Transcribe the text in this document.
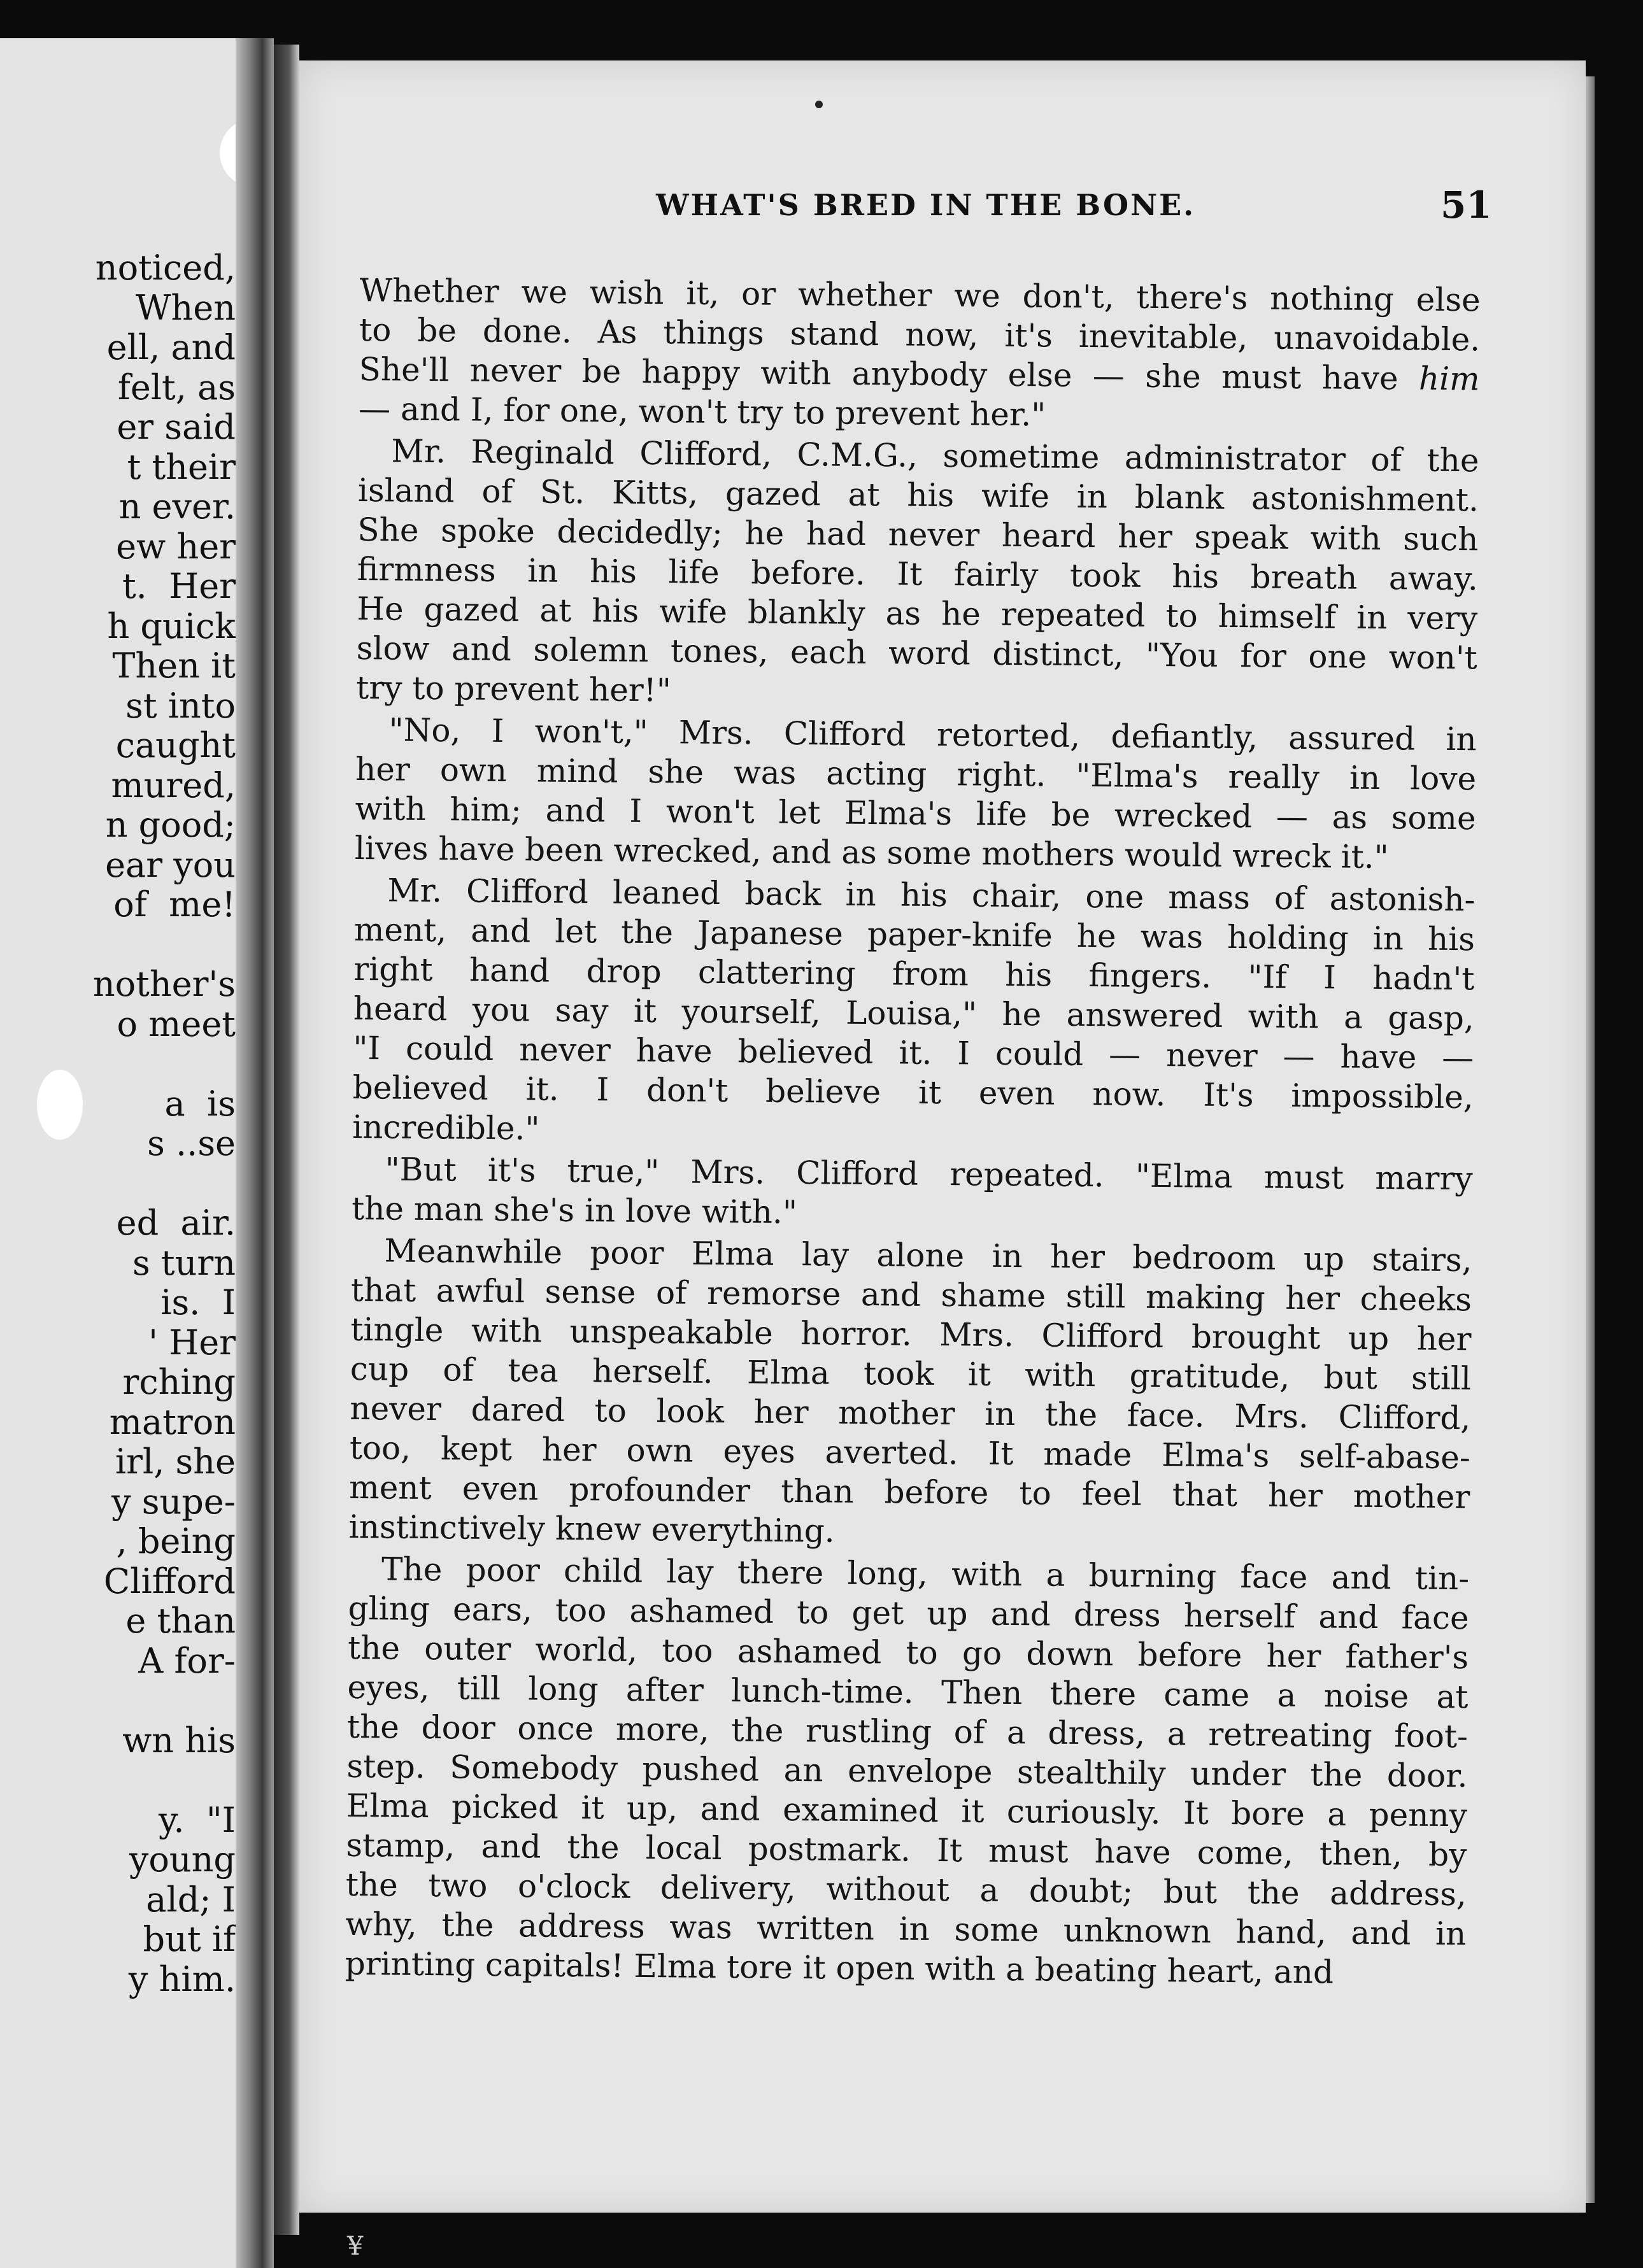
noticed,
When
ell, and
felt, as
er said
t their
n ever.
ew her
t.  Her
h quick
Then it
st into
caught
mured,
n good;
ear you
of  me!
nother's
o meet
a  is
s ..se
ed  air.
s turn
is.  I
' Her
rching
matron
irl, she
y supe-
, being
Clifford
e than
A for-
wn his
y.  "I
young
ald; I
but if
y him.
WHAT'S BRED IN THE BONE.	51
Whether we wish it, or whether we don't, there's nothing else
to be done. As things stand now, it's inevitable, unavoidable.
She'll never be happy with anybody else — she must have him
— and I, for one, won't try to prevent her."
Mr. Reginald Clifford, C.M.G., sometime administrator of the
island of St. Kitts, gazed at his wife in blank astonishment.
She spoke decidedly; he had never heard her speak with such
firmness in his life before. It fairly took his breath away.
He gazed at his wife blankly as he repeated to himself in very
slow and solemn tones, each word distinct, "You for one won't
try to prevent her!"
"No, I won't," Mrs. Clifford retorted, defiantly, assured in
her own mind she was acting right. "Elma's really in love
with him; and I won't let Elma's life be wrecked — as some
lives have been wrecked, and as some mothers would wreck it."
Mr. Clifford leaned back in his chair, one mass of astonish-
ment, and let the Japanese paper-knife he was holding in his
right hand drop clattering from his fingers. "If I hadn't
heard you say it yourself, Louisa," he answered with a gasp,
"I could never have believed it. I could — never — have —
believed it. I don't believe it even now. It's impossible,
incredible."
"But it's true," Mrs. Clifford repeated. "Elma must marry
the man she's in love with."
Meanwhile poor Elma lay alone in her bedroom up stairs,
that awful sense of remorse and shame still making her cheeks
tingle with unspeakable horror. Mrs. Clifford brought up her
cup of tea herself. Elma took it with gratitude, but still
never dared to look her mother in the face. Mrs. Clifford,
too, kept her own eyes averted. It made Elma's self-abase-
ment even profounder than before to feel that her mother
instinctively knew everything.
The poor child lay there long, with a burning face and tin-
gling ears, too ashamed to get up and dress herself and face
the outer world, too ashamed to go down before her father's
eyes, till long after lunch-time. Then there came a noise at
the door once more, the rustling of a dress, a retreating foot-
step. Somebody pushed an envelope stealthily under the door.
Elma picked it up, and examined it curiously. It bore a penny
stamp, and the local postmark. It must have come, then, by
the two o'clock delivery, without a doubt; but the address,
why, the address was written in some unknown hand, and in
printing capitals! Elma tore it open with a beating heart, and
¥
